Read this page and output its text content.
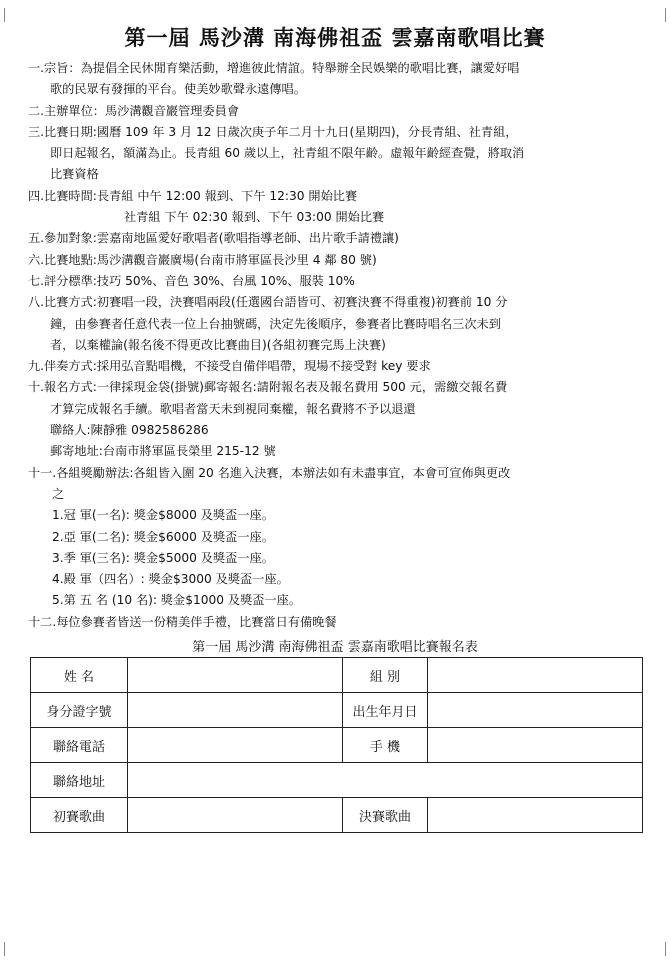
第一屆 馬沙溝 南海佛祖盃 雲嘉南歌唱比賽
一.宗旨：為提倡全民休閒育樂活動，增進彼此情誼。特舉辦全民娛樂的歌唱比賽，讓愛好唱
歌的民眾有發揮的平台。使美妙歌聲永遠傳唱。
二.主辦單位：馬沙溝觀音巖管理委員會
三.比賽日期:國曆 109 年 3 月 12 日歲次庚子年二月十九日(星期四)，分長青組、社青組，
即日起報名，額滿為止。長青組 60 歲以上，社青組不限年齡。虛報年齡經查覺，將取消
比賽資格
四.比賽時間:長青組 中午 12:00 報到、下午 12:30 開始比賽
社青組 下午 02:30 報到、下午 03:00 開始比賽
五.參加對象:雲嘉南地區愛好歌唱者(歌唱指導老師、出片歌手請禮讓)
六.比賽地點:馬沙溝觀音巖廣場(台南市將軍區長沙里 4 鄰 80 號)
七.評分標準:技巧 50%、音色 30%、台風 10%、服裝 10%
八.比賽方式:初賽唱一段，決賽唱兩段(任選國台語皆可、初賽決賽不得重複)初賽前 10 分
鐘，由參賽者任意代表一位上台抽號碼，決定先後順序，參賽者比賽時唱名三次未到
者，以棄權論(報名後不得更改比賽曲目)(各組初賽完馬上決賽)
九.伴奏方式:採用弘音點唱機，不接受自備伴唱帶，現場不接受對 key 要求
十.報名方式:一律採現金袋(掛號)郵寄報名:請附報名表及報名費用 500 元，需繳交報名費
才算完成報名手續。歌唱者當天未到視同棄權，報名費將不予以退還
聯絡人:陳靜雅 0982586286
郵寄地址:台南市將軍區長榮里 215-12 號
十一.各組獎勵辦法:各組皆入圍 20 名進入決賽，本辦法如有未盡事宜，本會可宣佈與更改
之
1.冠 軍(一名): 獎金$8000 及獎盃一座。
2.亞 軍(二名): 獎金$6000 及獎盃一座。
3.季 軍(三名): 獎金$5000 及獎盃一座。
4.殿 軍（四名）: 獎金$3000 及獎盃一座。
5.第 五 名 (10 名): 獎金$1000 及獎盃一座。
十二.每位參賽者皆送一份精美伴手禮，比賽當日有備晚餐
第一屆 馬沙溝 南海佛祖盃 雲嘉南歌唱比賽報名表
姓 名		組 別	
身分證字號		出生年月日	
聯絡電話		手 機	
聯絡地址			
初賽歌曲		決賽歌曲	
